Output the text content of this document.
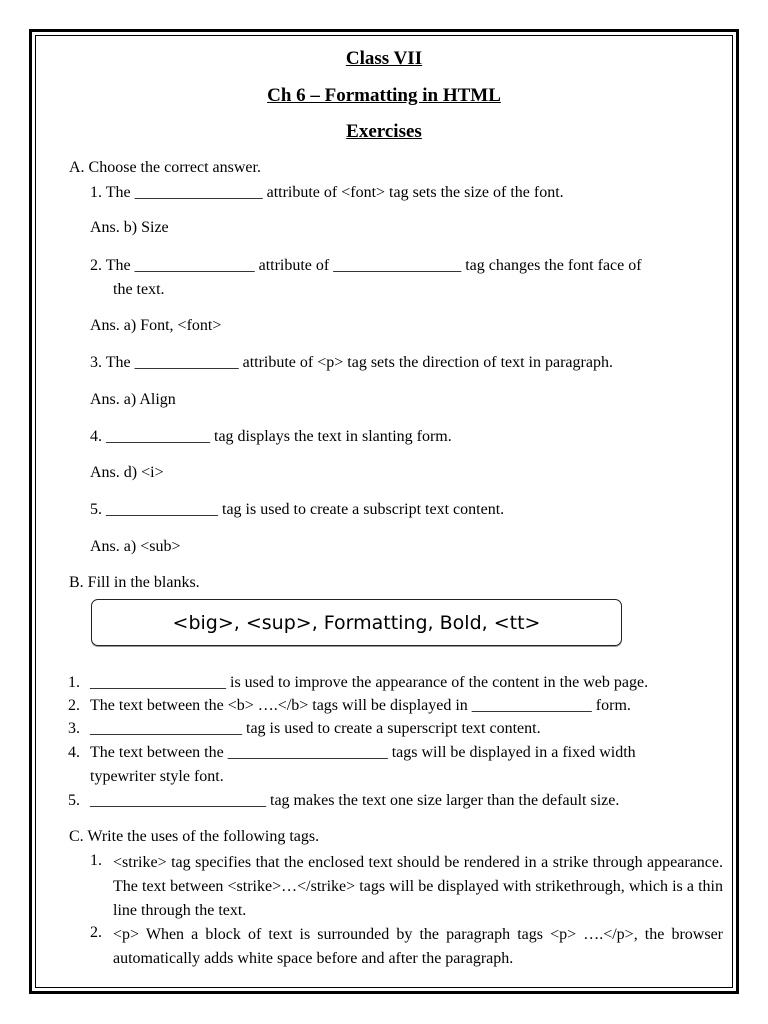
Class VII
Ch 6 – Formatting in HTML
Exercises
A. Choose the correct answer.
1. The ________________ attribute of <font> tag sets the size of the font.
Ans. b) Size
2. The _______________ attribute of ________________ tag changes the font face of
the text.
Ans. a) Font, <font>
3. The _____________ attribute of <p> tag sets the direction of text in paragraph.
Ans. a) Align
4. _____________ tag displays the text in slanting form.
Ans. d) <i>
5. ______________ tag is used to create a subscript text content.
Ans. a) <sub>
B. Fill in the blanks.
<big>, <sup>, Formatting, Bold, <tt>
1. _________________ is used to improve the appearance of the content in the web page.
2. The text between the <b> ….</b> tags will be displayed in _______________ form.
3. ___________________ tag is used to create a superscript text content.
4. The text between the ____________________ tags will be displayed in a fixed width
typewriter style font.
5. ______________________ tag makes the text one size larger than the default size.
C. Write the uses of the following tags.
1. <strike> tag specifies that the enclosed text should be rendered in a strike through appearance. The text between <strike>…</strike> tags will be displayed with strikethrough, which is a thin line through the text.
2. <p> When a block of text is surrounded by the paragraph tags <p> ….</p>, the browser automatically adds white space before and after the paragraph.
